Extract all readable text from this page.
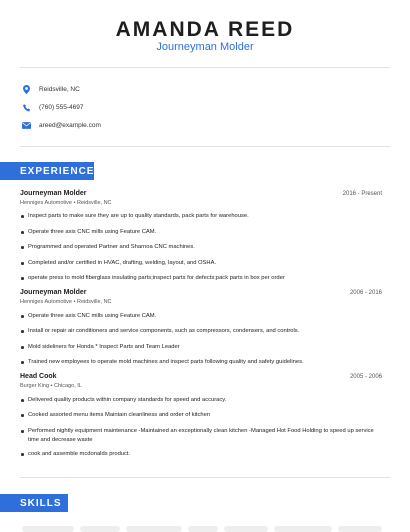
AMANDA REED
Journeyman Molder
Reidsville, NC
(760) 555-4697
areed@example.com
EXPERIENCE
Journeyman Molder	2016 - Present
Henniges Automotive • Reidsville, NC
Inspect parts to make sure they are up to quality standards, pack parts for warehouse.
Operate three axis CNC mills using Feature CAM.
Programmed and operated Partner and Sharnoa CNC machines.
Completed and/or certified in HVAC, drafting, welding, layout, and OSHA.
operate press to mold fiberglass insulating parts;inspect parts for defects;pack parts in box per order
Journeyman Molder	2006 - 2016
Henniges Automotive • Reidsville, NC
Operate three axis CNC mills using Feature CAM.
Install or repair air conditioners and service components, such as compressors, condensers, and controls.
Mold sideliners for Honda * Inspect Parts and Team Leader
Trained new employees to operate mold machines and inspect parts following quality and safety guidelines.
Head Cook	2005 - 2006
Burger King • Chicago, IL
Delivered quality products within company standards for speed and accuracy.
Cooked assorted menu items Maintain cleanliness and order of kitchen
Performed nightly equipment maintenance -Maintained an exceptionally clean kitchen -Managed Hot Food Holding to speed up service time and decrease waste
cook and assemble mcdonalds product.
SKILLS
